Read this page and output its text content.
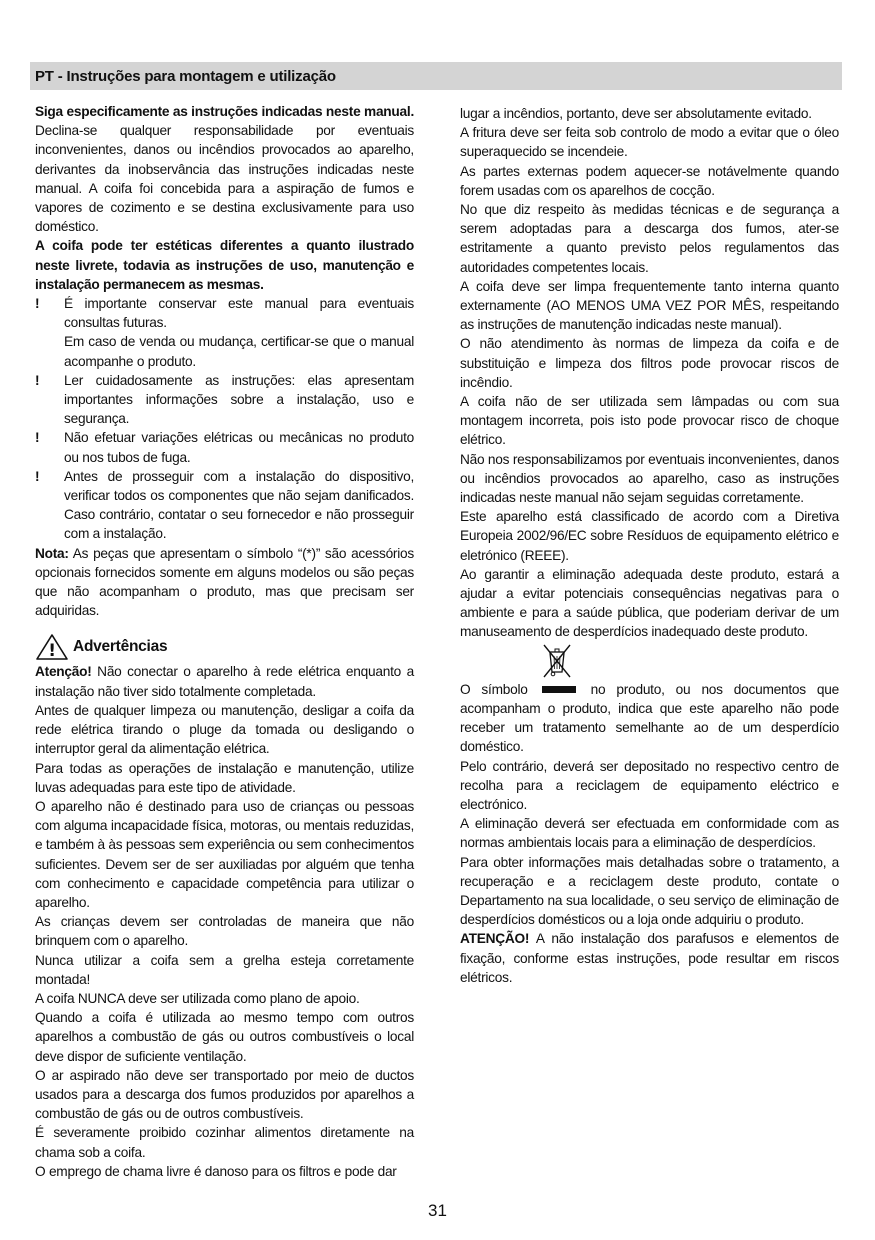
PT - Instruções para montagem e utilização

Siga especificamente as instruções indicadas neste manual. Declina-se qualquer responsabilidade por eventuais inconvenientes, danos ou incêndios provocados ao aparelho, derivantes da inobservância das instruções indicadas neste manual. A coifa foi concebida para a aspiração de fumos e vapores de cozimento e se destina exclusivamente para uso doméstico.

A coifa pode ter estéticas diferentes a quanto ilustrado neste livrete, todavia as instruções de uso, manutenção e instalação permanecem as mesmas.

!	É importante conservar este manual para eventuais consultas futuras.
Em caso de venda ou mudança, certificar-se que o manual acompanhe o produto.
!	Ler cuidadosamente as instruções: elas apresentam importantes informações sobre a instalação, uso e segurança.
!	Não efetuar variações elétricas ou mecânicas no produto ou nos tubos de fuga.
!	Antes de prosseguir com a instalação do dispositivo, verificar todos os componentes que não sejam danificados. Caso contrário, contatar o seu fornecedor e não prosseguir com a instalação.

Nota: As peças que apresentam o símbolo “(*)” são acessórios opcionais fornecidos somente em alguns modelos ou são peças que não acompanham o produto, mas que precisam ser adquiridas.

! Advertências

Atenção! Não conectar o aparelho à rede elétrica enquanto a instalação não tiver sido totalmente completada.

Antes de qualquer limpeza ou manutenção, desligar a coifa da rede elétrica tirando o pluge da tomada ou desligando o interruptor geral da alimentação elétrica.

Para todas as operações de instalação e manutenção, utilize luvas adequadas para este tipo de atividade.

O aparelho não é destinado para uso de crianças ou pessoas com alguma incapacidade física, motoras, ou mentais reduzidas, e também à às pessoas sem experiência ou sem conhecimentos suficientes. Devem ser de ser auxiliadas por alguém que tenha com conhecimento e capacidade competência para utilizar o aparelho.

As crianças devem ser controladas de maneira que não brinquem com o aparelho.

Nunca utilizar a coifa sem a grelha esteja corretamente montada!

A coifa NUNCA deve ser utilizada como plano de apoio.

Quando a coifa é utilizada ao mesmo tempo com outros aparelhos a combustão de gás ou outros combustíveis o local deve dispor de suficiente ventilação.

O ar aspirado não deve ser transportado por meio de ductos usados para a descarga dos fumos produzidos por aparelhos a combustão de gás ou de outros combustíveis.

É severamente proibido cozinhar alimentos diretamente na chama sob a coifa.

O emprego de chama livre é danoso para os filtros e pode dar

lugar a incêndios, portanto, deve ser absolutamente evitado.

A fritura deve ser feita sob controlo de modo a evitar que o óleo superaquecido se incendeie.

As partes externas podem aquecer-se notávelmente quando forem usadas com os aparelhos de cocção.

No que diz respeito às medidas técnicas e de segurança a serem adoptadas para a descarga dos fumos, ater-se estritamente a quanto previsto pelos regulamentos das autoridades competentes locais.

A coifa deve ser limpa frequentemente tanto interna quanto externamente (AO MENOS UMA VEZ POR MÊS, respeitando as instruções de manutenção indicadas neste manual).

O não atendimento às normas de limpeza da coifa e de substituição e limpeza dos filtros pode provocar riscos de incêndio.

A coifa não de ser utilizada sem lâmpadas ou com sua montagem incorreta, pois isto pode provocar risco de choque elétrico.

Não nos responsabilizamos por eventuais inconvenientes, danos ou incêndios provocados ao aparelho, caso as instruções indicadas neste manual não sejam seguidas corretamente.

Este aparelho está classificado de acordo com a Diretiva Europeia 2002/96/EC sobre Resíduos de equipamento elétrico e eletrónico (REEE).

Ao garantir a eliminação adequada deste produto, estará a ajudar a evitar potenciais consequências negativas para o ambiente e para a saúde pública, que poderiam derivar de um manuseamento de desperdícios inadequado deste produto.

O símbolo	no produto, ou nos documentos que acompanham o produto, indica que este aparelho não pode receber um tratamento semelhante ao de um desperdício doméstico.

Pelo contrário, deverá ser depositado no respectivo centro de recolha para a reciclagem de equipamento eléctrico e electrónico.

A eliminação deverá ser efectuada em conformidade com as normas ambientais locais para a eliminação de desperdícios.

Para obter informações mais detalhadas sobre o tratamento, a recuperação e a reciclagem deste produto, contate o Departamento na sua localidade, o seu serviço de eliminação de desperdícios domésticos ou a loja onde adquiriu o produto.

ATENÇÃO! A não instalação dos parafusos e elementos de fixação, conforme estas instruções, pode resultar em riscos elétricos.

31
